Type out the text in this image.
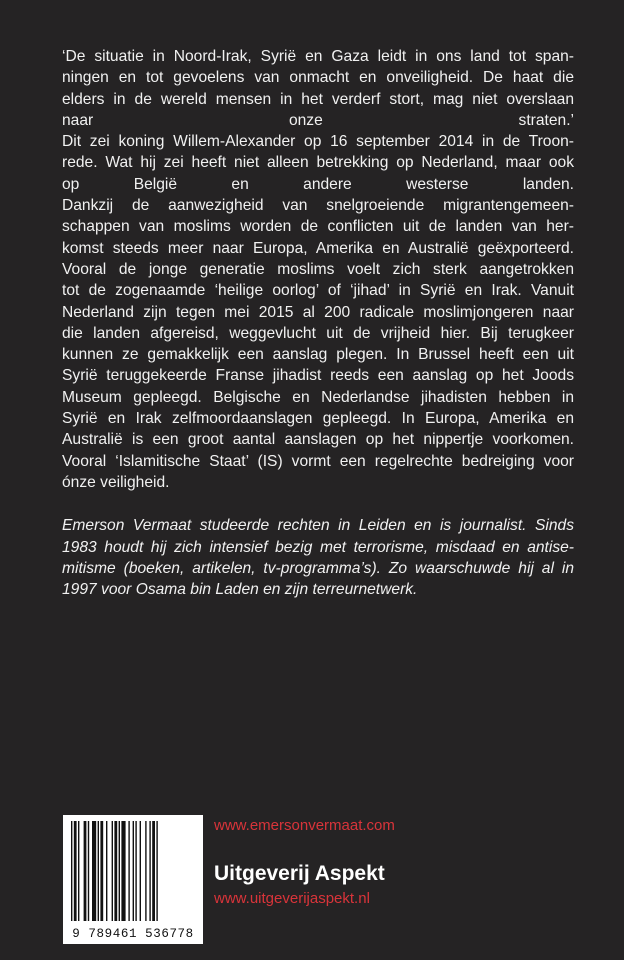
‘De situatie in Noord-Irak, Syrië en Gaza leidt in ons land tot span-
ningen en tot gevoelens van onmacht en onveiligheid. De haat die
elders in de wereld mensen in het verderf stort, mag niet overslaan
naar onze straten.’
Dit zei koning Willem-Alexander op 16 september 2014 in de Troon-
rede. Wat hij zei heeft niet alleen betrekking op Nederland, maar ook
op België en andere westerse landen.
Dankzij de aanwezigheid van snelgroeiende migrantengemeen-
schappen van moslims worden de conflicten uit de landen van her-
komst steeds meer naar Europa, Amerika en Australië geëxporteerd.
Vooral de jonge generatie moslims voelt zich sterk aangetrokken
tot de zogenaamde ‘heilige oorlog’ of ‘jihad’ in Syrië en Irak. Vanuit
Nederland zijn tegen mei 2015 al 200 radicale moslimjongeren naar
die landen afgereisd, weggevlucht uit de vrijheid hier. Bij terugkeer
kunnen ze gemakkelijk een aanslag plegen. In Brussel heeft een uit
Syrië teruggekeerde Franse jihadist reeds een aanslag op het Joods
Museum gepleegd. Belgische en Nederlandse jihadisten hebben in
Syrië en Irak zelfmoordaanslagen gepleegd. In Europa, Amerika en
Australië is een groot aantal aanslagen op het nippertje voorkomen.
Vooral ‘Islamitische Staat’ (IS) vormt een regelrechte bedreiging voor
ónze veiligheid.
Emerson Vermaat studeerde rechten in Leiden en is journalist. Sinds
1983 houdt hij zich intensief bezig met terrorisme, misdaad en antise-
mitisme (boeken, artikelen, tv-programma’s). Zo waarschuwde hij al in
1997 voor Osama bin Laden en zijn terreurnetwerk.
9 789461 536778
www.emersonvermaat.com
Uitgeverij Aspekt
www.uitgeverijaspekt.nl
